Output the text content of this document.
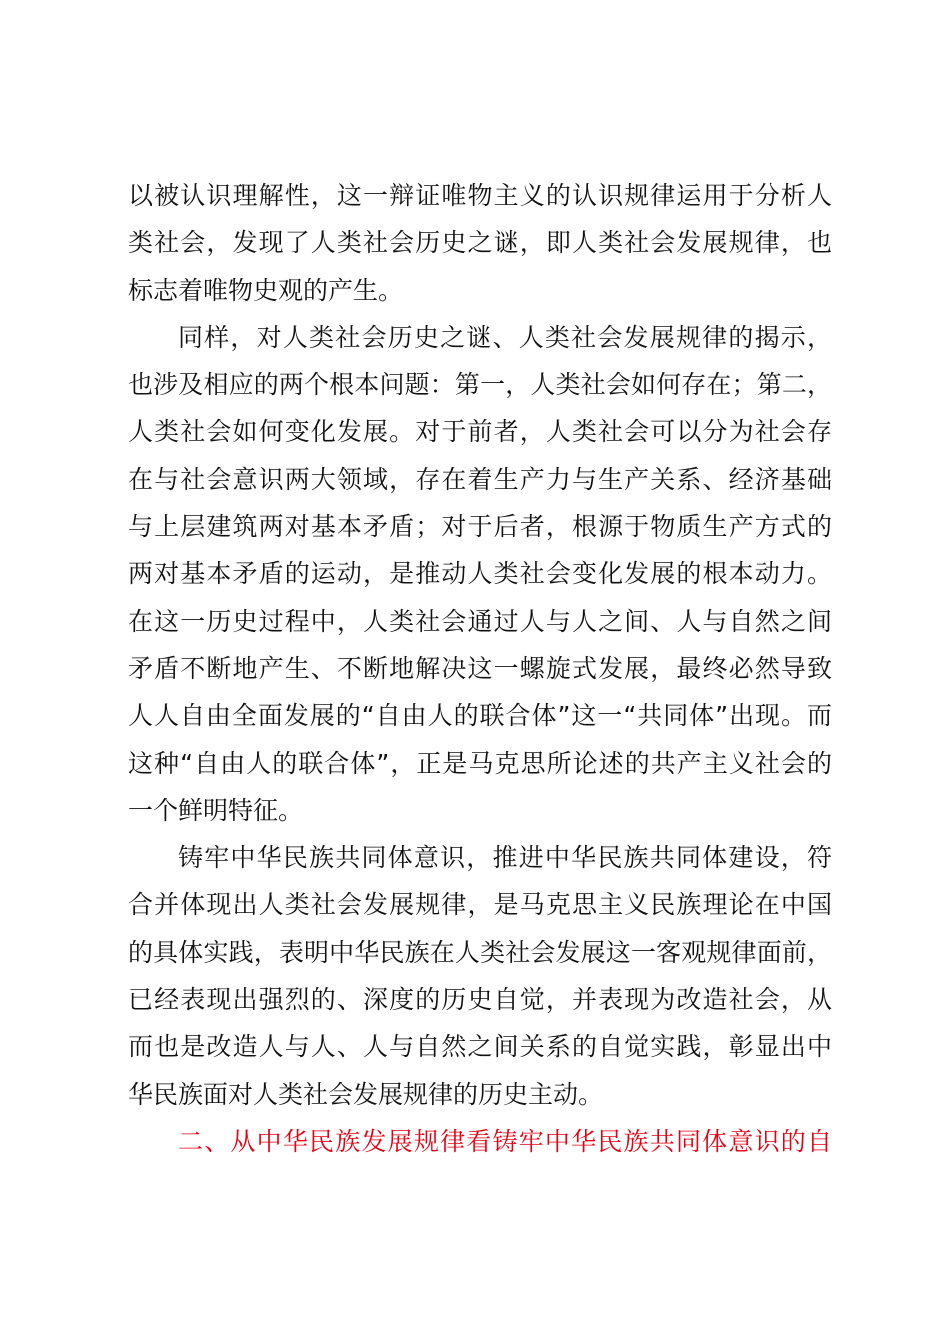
以被认识理解性，这一辩证唯物主义的认识规律运用于分析人
类社会，发现了人类社会历史之谜，即人类社会发展规律，也
标志着唯物史观的产生。
同样，对人类社会历史之谜、人类社会发展规律的揭示，
也涉及相应的两个根本问题：第一，人类社会如何存在；第二，
人类社会如何变化发展。对于前者，人类社会可以分为社会存
在与社会意识两大领域，存在着生产力与生产关系、经济基础
与上层建筑两对基本矛盾；对于后者，根源于物质生产方式的
两对基本矛盾的运动，是推动人类社会变化发展的根本动力。
在这一历史过程中，人类社会通过人与人之间、人与自然之间
矛盾不断地产生、不断地解决这一螺旋式发展，最终必然导致
人人自由全面发展的“自由人的联合体”这一“共同体”出现。而
这种“自由人的联合体”，正是马克思所论述的共产主义社会的
一个鲜明特征。
铸牢中华民族共同体意识，推进中华民族共同体建设，符
合并体现出人类社会发展规律，是马克思主义民族理论在中国
的具体实践，表明中华民族在人类社会发展这一客观规律面前，
已经表现出强烈的、深度的历史自觉，并表现为改造社会，从
而也是改造人与人、人与自然之间关系的自觉实践，彰显出中
华民族面对人类社会发展规律的历史主动。
二、从中华民族发展规律看铸牢中华民族共同体意识的自
